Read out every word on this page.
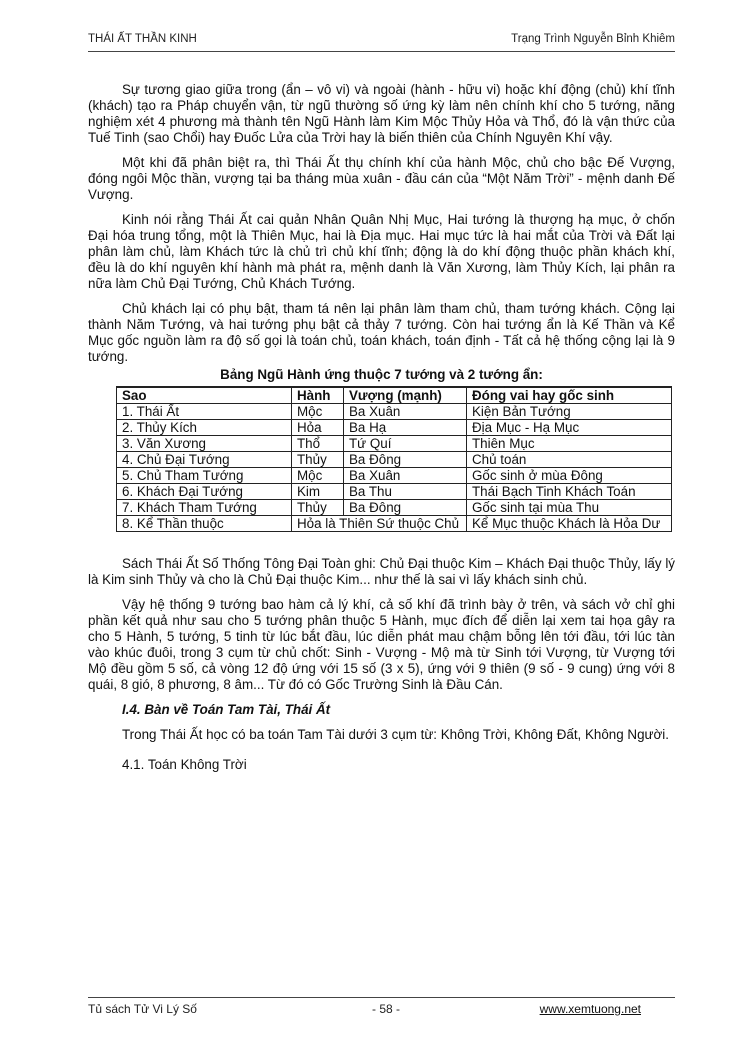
THÁI ẤT THẦN KINH	Trạng Trình Nguyễn Bỉnh Khiêm

Sự tương giao giữa trong (ẩn – vô vi) và ngoài (hành - hữu vi) hoặc khí động (chủ) khí tĩnh (khách) tạo ra Pháp chuyển vận, từ ngũ thường số ứng kỳ làm nên chính khí cho 5 tướng, năng nghiệm xét 4 phương mà thành tên Ngũ Hành làm Kim Mộc Thủy Hỏa và Thổ, đó là vận thức của Tuế Tinh (sao Chổi) hay Đuốc Lửa của Trời hay là biến thiên của Chính Nguyên Khí vậy.

Một khi đã phân biệt ra, thì Thái Ất thụ chính khí của hành Mộc, chủ cho bậc Đế Vượng, đóng ngôi Mộc thần, vượng tại ba tháng mùa xuân - đầu cán của “Một Năm Trời” - mệnh danh Đế Vượng.

Kinh nói rằng Thái Ất cai quản Nhân Quân Nhị Mục, Hai tướng là thượng hạ mục, ở chốn Đại hóa trung tổng, một là Thiên Mục, hai là Địa mục. Hai mục tức là hai mắt của Trời và Đất lại phân làm chủ, làm Khách tức là chủ trì chủ khí tĩnh; động là do khí động thuộc phần khách khí, đều là do khí nguyên khí hành mà phát ra, mệnh danh là Văn Xương, làm Thủy Kích, lại phân ra nữa làm Chủ Đại Tướng, Chủ Khách Tướng.

Chủ khách lại có phụ bật, tham tá nên lại phân làm tham chủ, tham tướng khách. Cộng lại thành Năm Tướng, và hai tướng phụ bật cả thảy 7 tướng. Còn hai tướng ẩn là Kế Thần và Kể Mục gốc nguồn làm ra độ số gọi là toán chủ, toán khách, toán định - Tất cả hệ thống cộng lại là 9 tướng.

Bảng Ngũ Hành ứng thuộc 7 tướng và 2 tướng ẩn:
Sao	Hành	Vượng (mạnh)	Đóng vai hay gốc sinh
1. Thái Ất	Mộc	Ba Xuân	Kiện Bản Tướng
2. Thủy Kích	Hỏa	Ba Hạ	Địa Mục - Hạ Mục
3. Văn Xương	Thổ	Tứ Quí	Thiên Mục
4. Chủ Đại Tướng	Thủy	Ba Đông	Chủ toán
5. Chủ Tham Tướng	Mộc	Ba Xuân	Gốc sinh ở mùa Đông
6. Khách Đại Tướng	Kim	Ba Thu	Thái Bạch Tinh Khách Toán
7. Khách Tham Tướng	Thủy	Ba Đông	Gốc sinh tại mùa Thu
8. Kể Thần thuộc	Hỏa là Thiên Sứ thuộc Chủ		Kể Mục thuộc Khách là Hỏa Dư

Sách Thái Ất Số Thống Tông Đại Toàn ghi: Chủ Đại thuộc Kim – Khách Đại thuộc Thủy, lấy lý là Kim sinh Thủy và cho là Chủ Đại thuộc Kim... như thế là sai vì lấy khách sinh chủ.

Vậy hệ thống 9 tướng bao hàm cả lý khí, cả số khí đã trình bày ở trên, và sách vở chỉ ghi phần kết quả như sau cho 5 tướng phân thuộc 5 Hành, mục đích để diễn lại xem tai họa gây ra cho 5 Hành, 5 tướng, 5 tinh từ lúc bắt đầu, lúc diễn phát mau chậm bỗng lên tới đầu, tới lúc tàn vào khúc đuôi, trong 3 cụm từ chủ chốt: Sinh - Vượng - Mộ mà từ Sinh tới Vượng, từ Vượng tới Mộ đều gồm 5 số, cả vòng 12 độ ứng với 15 số (3 x 5), ứng với 9 thiên (9 số - 9 cung) ứng với 8 quái, 8 gió, 8 phương, 8 âm... Từ đó có Gốc Trường Sinh là Đầu Cán.

I.4. Bàn về Toán Tam Tài, Thái Ất

Trong Thái Ất học có ba toán Tam Tài dưới 3 cụm từ: Không Trời, Không Đất, Không Người.

4.1. Toán Không Trời
Tủ sách Tử Vi Lý Số	- 58 -	www.xemtuong.net
